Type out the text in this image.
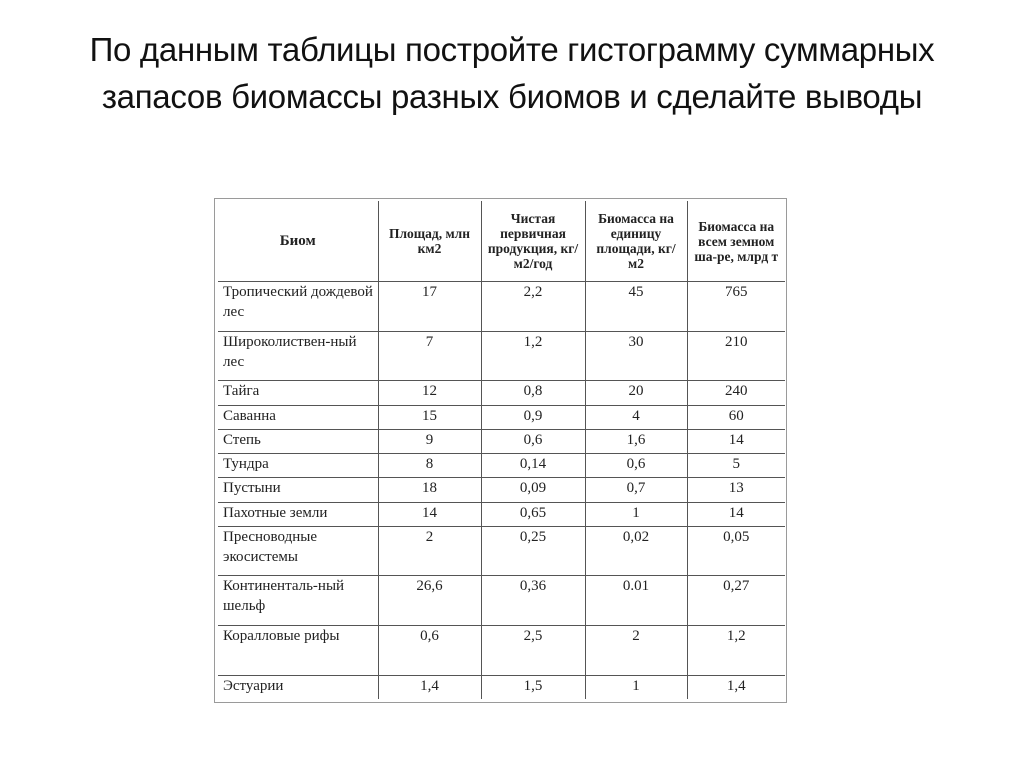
По данным таблицы постройте гистограмму суммарных запасов биомассы разных биомов и сделайте выводы
Биом	Площад, млн км2	Чистая первичная продукция, кг/м2/год	Биомасса на единицу площади, кг/м2	Биомасса на всем земном ша-ре, млрд т
Тропический дождевой лес	17	2,2	45	765
Широколиствен-ный лес	7	1,2	30	210
Тайга	12	0,8	20	240
Саванна	15	0,9	4	60
Степь	9	0,6	1,6	14
Тундра	8	0,14	0,6	5
Пустыни	18	0,09	0,7	13
Пахотные земли	14	0,65	1	14
Пресноводные экосистемы	2	0,25	0,02	0,05
Континенталь-ный шельф	26,6	0,36	0.01	0,27
Коралловые рифы	0,6	2,5	2	1,2
Эстуарии	1,4	1,5	1	1,4
